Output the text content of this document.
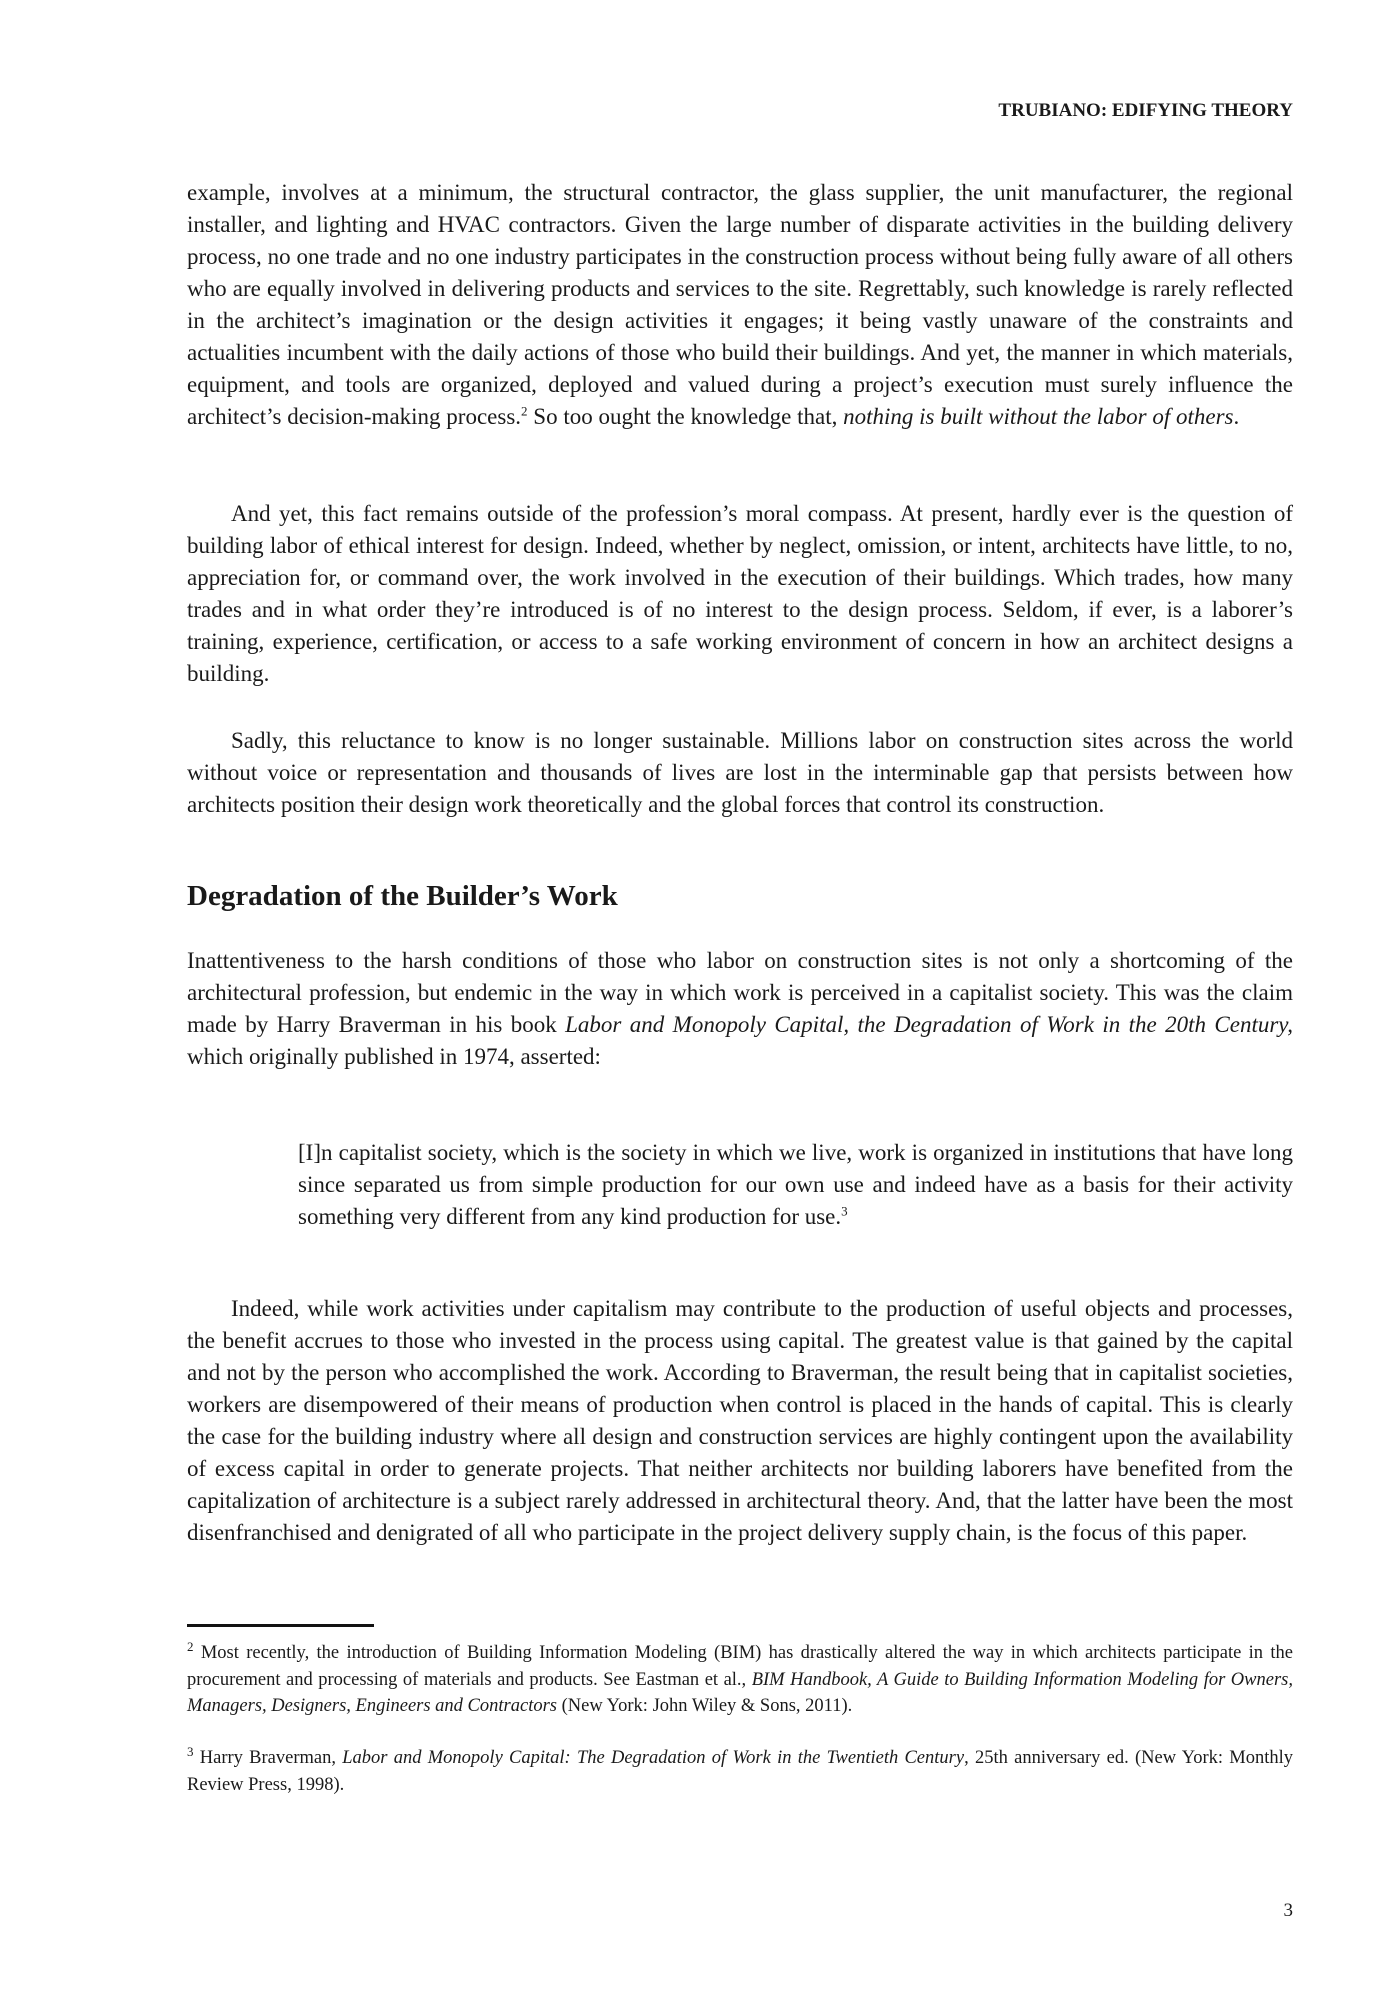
TRUBIANO: EDIFYING THEORY
example, involves at a minimum, the structural contractor, the glass supplier, the unit manufacturer, the regional installer, and lighting and HVAC contractors. Given the large number of disparate activities in the building delivery process, no one trade and no one industry participates in the construction process without being fully aware of all others who are equally involved in delivering products and services to the site. Regrettably, such knowledge is rarely reflected in the architect’s imagination or the design activities it engages; it being vastly unaware of the constraints and actualities incumbent with the daily actions of those who build their buildings. And yet, the manner in which materials, equipment, and tools are organized, deployed and valued during a project’s execution must surely influence the architect’s decision-making process.$^2$ So too ought the knowledge that, nothing is built without the labor of others.
And yet, this fact remains outside of the profession’s moral compass. At present, hardly ever is the question of building labor of ethical interest for design. Indeed, whether by neglect, omission, or intent, architects have little, to no, appreciation for, or command over, the work involved in the execution of their buildings. Which trades, how many trades and in what order they’re introduced is of no interest to the design process. Seldom, if ever, is a laborer’s training, experience, certification, or access to a safe working environment of concern in how an architect designs a building.
Sadly, this reluctance to know is no longer sustainable. Millions labor on construction sites across the world without voice or representation and thousands of lives are lost in the interminable gap that persists between how architects position their design work theoretically and the global forces that control its construction.
Degradation of the Builder’s Work
Inattentiveness to the harsh conditions of those who labor on construction sites is not only a shortcoming of the architectural profession, but endemic in the way in which work is perceived in a capitalist society. This was the claim made by Harry Braverman in his book Labor and Monopoly Capital, the Degradation of Work in the 20th Century, which originally published in 1974, asserted:
[I]n capitalist society, which is the society in which we live, work is organized in institutions that have long since separated us from simple production for our own use and indeed have as a basis for their activity something very different from any kind production for use.$^3$
Indeed, while work activities under capitalism may contribute to the production of useful objects and processes, the benefit accrues to those who invested in the process using capital. The greatest value is that gained by the capital and not by the person who accomplished the work. According to Braverman, the result being that in capitalist societies, workers are disempowered of their means of production when control is placed in the hands of capital. This is clearly the case for the building industry where all design and construction services are highly contingent upon the availability of excess capital in order to generate projects. That neither architects nor building laborers have benefited from the capitalization of architecture is a subject rarely addressed in architectural theory. And, that the latter have been the most disenfranchised and denigrated of all who participate in the project delivery supply chain, is the focus of this paper.
$^2$ Most recently, the introduction of Building Information Modeling (BIM) has drastically altered the way in which architects participate in the procurement and processing of materials and products. See Eastman et al., BIM Handbook, A Guide to Building Information Modeling for Owners, Managers, Designers, Engineers and Contractors (New York: John Wiley & Sons, 2011).
$^3$ Harry Braverman, Labor and Monopoly Capital: The Degradation of Work in the Twentieth Century, 25th anniversary ed. (New York: Monthly Review Press, 1998).
3
